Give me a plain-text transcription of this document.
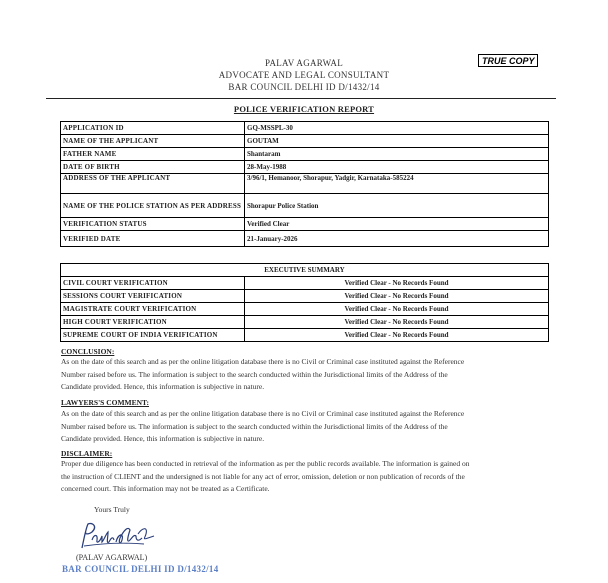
PALAV AGARWAL
ADVOCATE AND LEGAL CONSULTANT
BAR COUNCIL DELHI ID D/1432/14
TRUE COPY
POLICE VERIFICATION REPORT
APPLICATION ID	GQ-MSSPL-30
NAME OF THE APPLICANT	GOUTAM
FATHER NAME	Shantaram
DATE OF BIRTH	28-May-1988
ADDRESS OF THE APPLICANT	3/96/1, Hemanoor, Shorapur, Yadgir, Karnataka-585224
NAME OF THE POLICE STATION AS PER ADDRESS	Shorapur Police Station
VERIFICATION STATUS	Verified Clear
VERIFIED DATE	21-January-2026
EXECUTIVE SUMMARY	
CIVIL COURT VERIFICATION	Verified Clear - No Records Found
SESSIONS COURT VERIFICATION	Verified Clear - No Records Found
MAGISTRATE COURT VERIFICATION	Verified Clear - No Records Found
HIGH COURT VERIFICATION	Verified Clear - No Records Found
SUPREME COURT OF INDIA VERIFICATION	Verified Clear - No Records Found
CONCLUSION:
As on the date of this search and as per the online litigation database there is no Civil or Criminal case instituted against the Reference
Number raised before us. The information is subject to the search conducted within the Jurisdictional limits of the Address of the
Candidate provided. Hence, this information is subjective in nature.
LAWYERS'S COMMENT:
As on the date of this search and as per the online litigation database there is no Civil or Criminal case instituted against the Reference
Number raised before us. The information is subject to the search conducted within the Jurisdictional limits of the Address of the
Candidate provided. Hence, this information is subjective in nature.
DISCLAIMER:
Proper due diligence has been conducted in retrieval of the information as per the public records available. The information is gained on
the instruction of CLIENT and the undersigned is not liable for any act of error, omission, deletion or non publication of records of the
concerned court. This information may not be treated as a Certificate.
Yours Truly
(PALAV AGARWAL)
BAR COUNCIL DELHI ID D/1432/14
